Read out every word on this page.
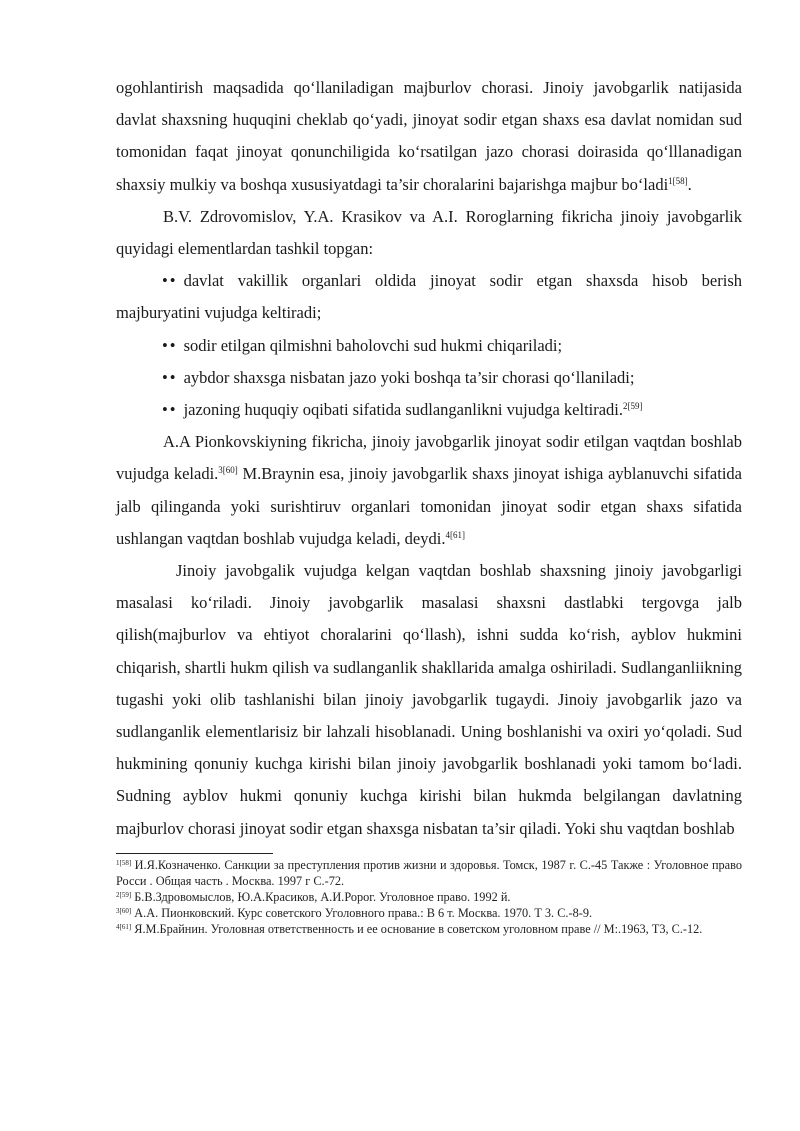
ogohlantirish maqsadida qo‘llaniladigan majburlov chorasi. Jinoiy javobgarlik natijasida davlat shaxsning huquqini cheklab qo‘yadi, jinoyat sodir etgan shaxs esa davlat nomidan sud tomonidan faqat jinoyat qonunchiligida ko‘rsatilgan jazo chorasi doirasida qo‘lllanadigan shaxsiy mulkiy va boshqa xususiyatdagi ta’sir choralarini bajarishga majbur bo‘ladi$^{1[58]}$.

B.V. Zdrovomislov, Y.A. Krasikov va A.I. Roroglarning fikricha jinoiy javobgarlik quyidagi elementlardan tashkil topgan:

•• davlat vakillik organlari oldida jinoyat sodir etgan shaxsda hisob berish majburyatini vujudga keltiradi;

•• sodir etilgan qilmishni baholovchi sud hukmi chiqariladi;

•• aybdor shaxsga nisbatan jazo yoki boshqa ta’sir chorasi qo‘llaniladi;

•• jazoning huquqiy oqibati sifatida sudlanganlikni vujudga keltiradi.$^{2[59]}$

A.A Pionkovskiyning fikricha, jinoiy javobgarlik jinoyat sodir etilgan vaqtdan boshlab vujudga keladi.$^{3[60]}$ M.Braynin esa, jinoiy javobgarlik shaxs jinoyat ishiga ayblanuvchi sifatida jalb qilinganda yoki surishtiruv organlari tomonidan jinoyat sodir etgan shaxs sifatida ushlangan vaqtdan boshlab vujudga keladi, deydi.$^{4[61]}$

Jinoiy javobgalik vujudga kelgan vaqtdan boshlab shaxsning jinoiy javobgarligi masalasi ko‘riladi. Jinoiy javobgarlik masalasi shaxsni dastlabki tergovga jalb qilish(majburlov va ehtiyot choralarini qo‘llash), ishni sudda ko‘rish, ayblov hukmini chiqarish, shartli hukm qilish va sudlanganlik shakllarida amalga oshiriladi. Sudlanganliikning tugashi yoki olib tashlanishi bilan jinoiy javobgarlik tugaydi. Jinoiy javobgarlik jazo va sudlanganlik elementlarisiz bir lahzali hisoblanadi. Uning boshlanishi va oxiri yo‘qoladi. Sud hukmining qonuniy kuchga kirishi bilan jinoiy javobgarlik boshlanadi yoki tamom bo‘ladi. Sudning ayblov hukmi qonuniy kuchga kirishi bilan hukmda belgilangan davlatning majburlov chorasi jinoyat sodir etgan shaxsga nisbatan ta’sir qiladi. Yoki shu vaqtdan boshlab

$^{1[58]}$ И.Я.Козначенко. Санкции за преступления против жизни и здоровья. Томск, 1987 г. С.-45 Также : Уголовное право Росси . Общая часть . Москва. 1997 г С.-72.

$^{2[59]}$ Б.В.Здровомыслов, Ю.А.Красиков, А.И.Ророг. Уголовное право. 1992 й.

$^{3[60]}$ А.А. Пионковский. Курс советского Уголовного права.: В 6 т. Москва. 1970. Т 3. С.-8-9.

$^{4[61]}$ Я.М.Брайнин. Уголовная ответственность и ее основание в советском уголовном праве // М:.1963, Т3, С.-12.
